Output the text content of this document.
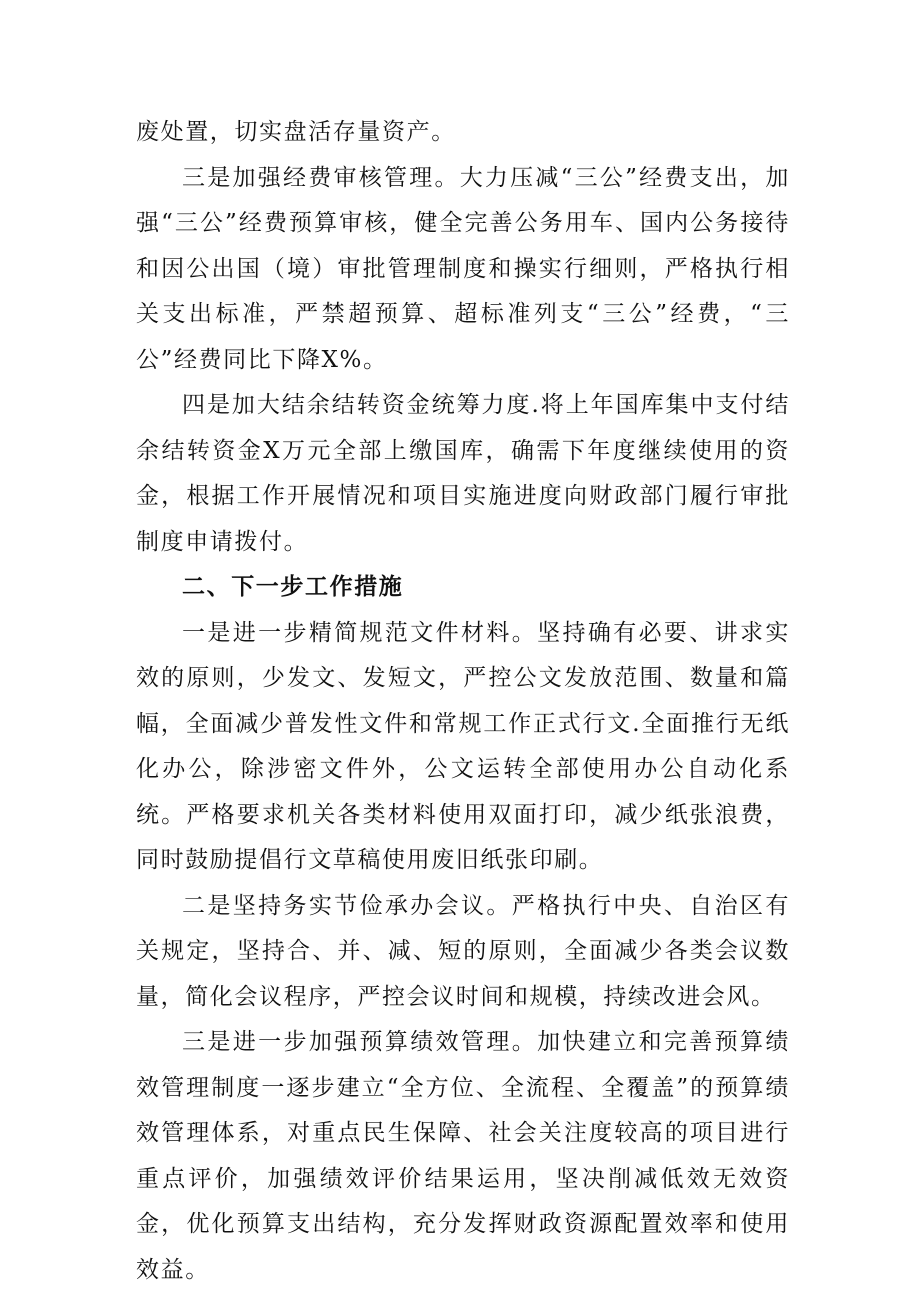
废处置，切实盘活存量资产。

三是加强经费审核管理。大力压减“三公”经费支出，加强“三公”经费预算审核，健全完善公务用车、国内公务接待和因公出国（境）审批管理制度和操实行细则，严格执行相关支出标准，严禁超预算、超标准列支“三公”经费，“三公”经费同比下降X%。

四是加大结余结转资金统筹力度.将上年国库集中支付结余结转资金X万元全部上缴国库，确需下年度继续使用的资金，根据工作开展情况和项目实施进度向财政部门履行审批制度申请拨付。

二、下一步工作措施

一是进一步精简规范文件材料。坚持确有必要、讲求实效的原则，少发文、发短文，严控公文发放范围、数量和篇幅，全面减少普发性文件和常规工作正式行文.全面推行无纸化办公，除涉密文件外，公文运转全部使用办公自动化系统。严格要求机关各类材料使用双面打印，减少纸张浪费，同时鼓励提倡行文草稿使用废旧纸张印刷。

二是坚持务实节俭承办会议。严格执行中央、自治区有关规定，坚持合、并、减、短的原则，全面减少各类会议数量，简化会议程序，严控会议时间和规模，持续改进会风。

三是进一步加强预算绩效管理。加快建立和完善预算绩效管理制度一逐步建立“全方位、全流程、全覆盖”的预算绩效管理体系，对重点民生保障、社会关注度较高的项目进行重点评价，加强绩效评价结果运用，坚决削减低效无效资金，优化预算支出结构，充分发挥财政资源配置效率和使用效益。
